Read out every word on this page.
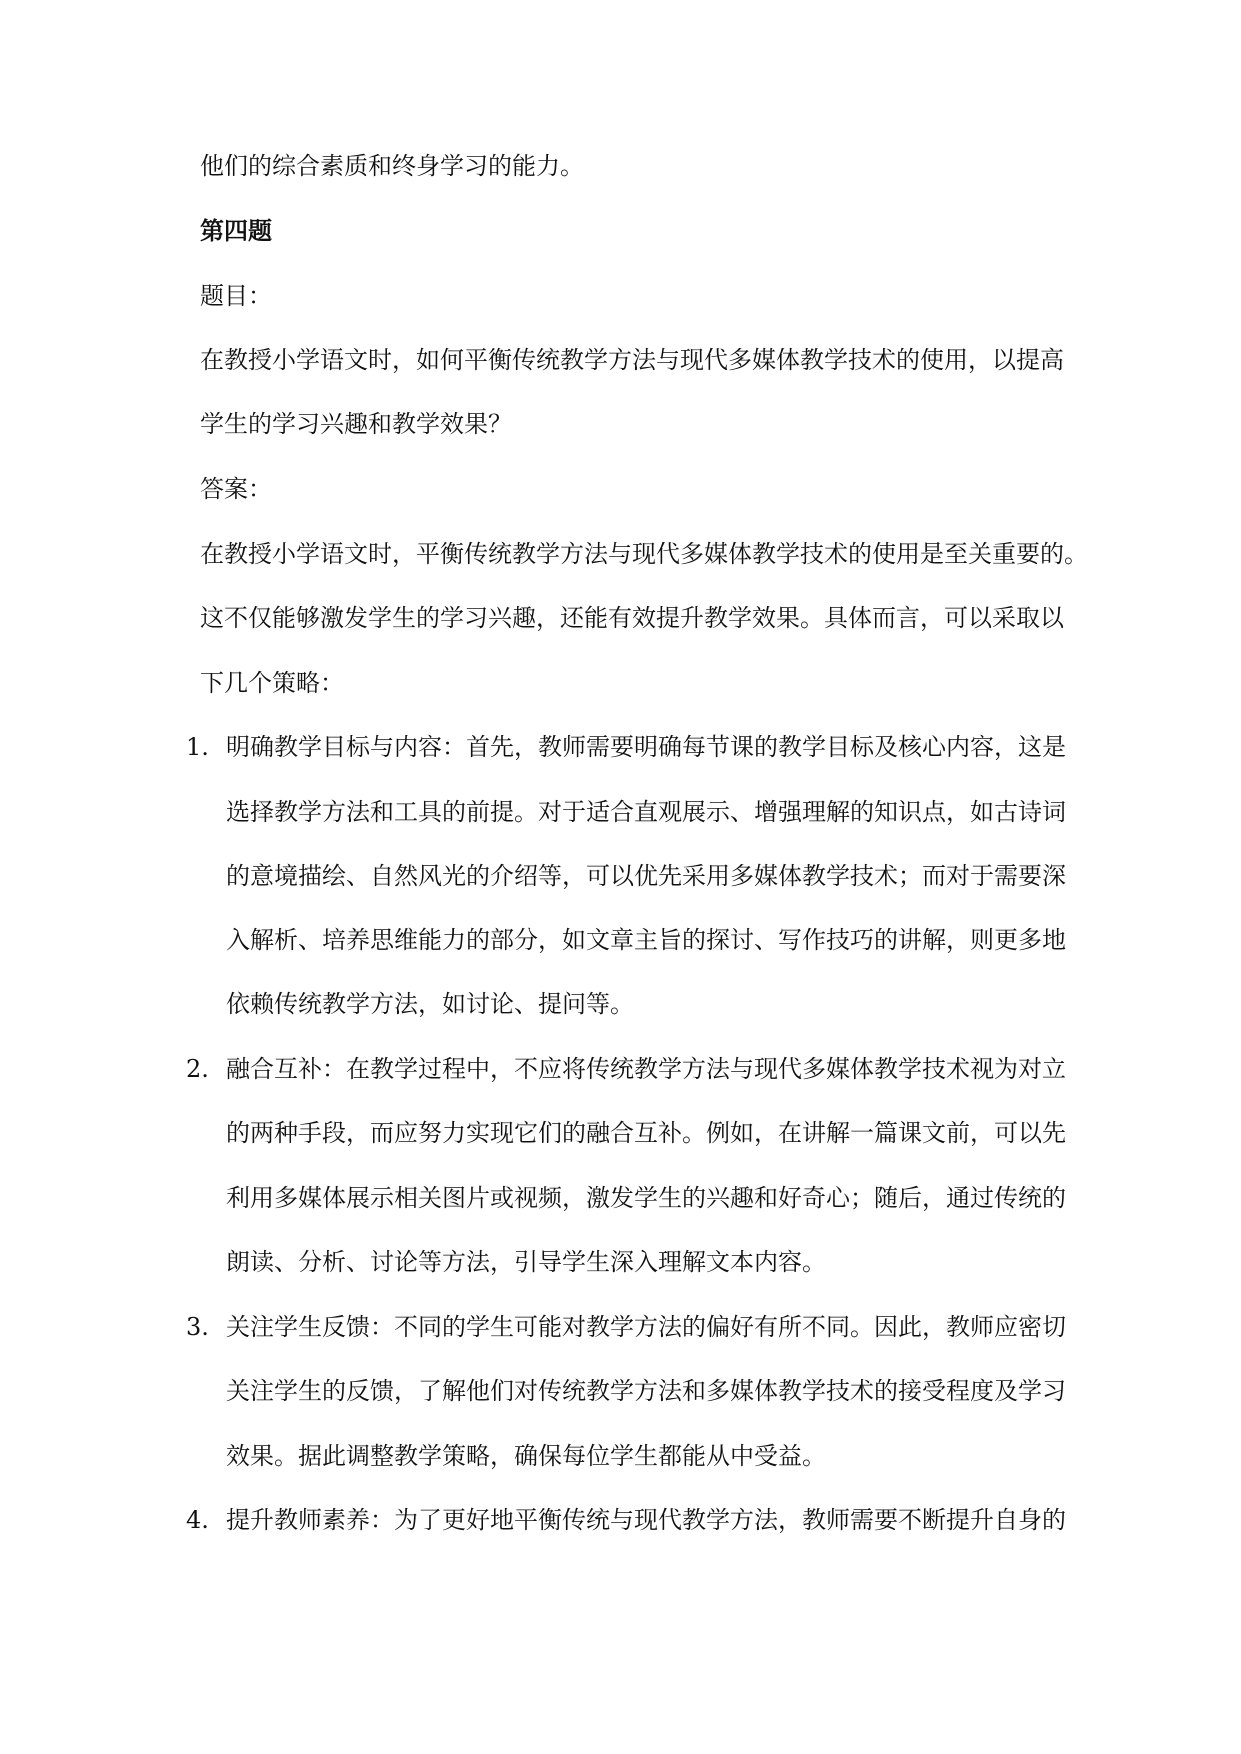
他们的综合素质和终身学习的能力。
第四题
题目：
在教授小学语文时，如何平衡传统教学方法与现代多媒体教学技术的使用，以提高
学生的学习兴趣和教学效果？
答案：
在教授小学语文时，平衡传统教学方法与现代多媒体教学技术的使用是至关重要的。
这不仅能够激发学生的学习兴趣，还能有效提升教学效果。具体而言，可以采取以
下几个策略：
1. 明确教学目标与内容：首先，教师需要明确每节课的教学目标及核心内容，这是
选择教学方法和工具的前提。对于适合直观展示、增强理解的知识点，如古诗词
的意境描绘、自然风光的介绍等，可以优先采用多媒体教学技术；而对于需要深
入解析、培养思维能力的部分，如文章主旨的探讨、写作技巧的讲解，则更多地
依赖传统教学方法，如讨论、提问等。
2. 融合互补：在教学过程中，不应将传统教学方法与现代多媒体教学技术视为对立
的两种手段，而应努力实现它们的融合互补。例如，在讲解一篇课文前，可以先
利用多媒体展示相关图片或视频，激发学生的兴趣和好奇心；随后，通过传统的
朗读、分析、讨论等方法，引导学生深入理解文本内容。
3. 关注学生反馈：不同的学生可能对教学方法的偏好有所不同。因此，教师应密切
关注学生的反馈，了解他们对传统教学方法和多媒体教学技术的接受程度及学习
效果。据此调整教学策略，确保每位学生都能从中受益。
4. 提升教师素养：为了更好地平衡传统与现代教学方法，教师需要不断提升自身的
